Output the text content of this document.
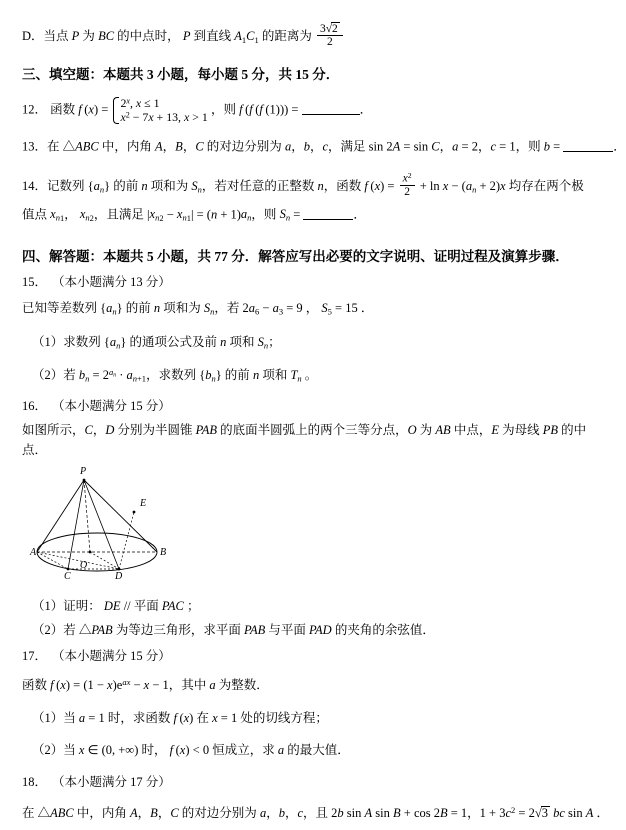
D．当点 P 为 BC 的中点时， P 到直线 $A_1C_1$ 的距离为 $\frac{3√2}{2}$
三、填空题：本题共 3 小题，每小题 5 分，共 15 分．
12． 函数 f $(x) = 2^x$, x ≤ 1
$x^2 - 7x + 13$, x > 1
，则 f (f (f (1))) =	．
13．在 △ABC 中，内角 A，B，C 的对边分别为 a，b，c，满足 sin 2A = sin C，a = 2，c = 1，则 b =	．
14．记数列 $\{a_n\}$ 的前 n 项和为 $S_n$，若对任意的正整数 n，函数 f $(x) = \frac{x^2}{2} + \ln x - (a_n + 2)x$ 均存在两个极
值点 $x_{n1}$， $x_{n2}$，且满足 $|x_{n2} - x_{n1}| = (n + 1)a_n$，则 $S_n$ =	．
四、解答题：本题共 5 小题，共 77 分．解答应写出必要的文字说明、证明过程及演算步骤．
15． （本小题满分 13 分）
已知等差数列 $\{a_n\}$ 的前 n 项和为 $S_n$，若 $2a_6 - a_3 = 9$ ， $S_5 = 15$ ．
（1）求数列 $\{a_n\}$ 的通项公式及前 n 项和 $S_n$；
（2）若 $b_n = 2^{a_n} \cdot a_{n+1}$，求数列 $\{b_n\}$ 的前 n 项和 $T_n$ 。
16． （本小题满分 15 分）
如图所示，C，D 分别为半圆锥 PAB 的底面半圆弧上的两个三等分点，O 为 AB 中点，E 为母线 PB 的中
点．
P
E
A	B
C	D
O
（1）证明： DE // 平面 PAC ；
（2）若 △PAB 为等边三角形，求平面 PAB 与平面 PAD 的夹角的余弦值．
17． （本小题满分 15 分）
函数 f $(x) = (1 - x)e^{ax} - x - 1$，其中 a 为整数．
（1）当 a = 1 时，求函数 f (x) 在 x = 1 处的切线方程；
（2）当 x ∈ (0, +∞) 时， f (x) < 0 恒成立，求 a 的最大值．
18． （本小题满分 17 分）
在 △ABC 中，内角 A，B，C 的对边分别为 a，b，c，且 2b sin A sin B + cos 2B = 1，$1 + 3c^2 = 2√3$ bc sin A ．
